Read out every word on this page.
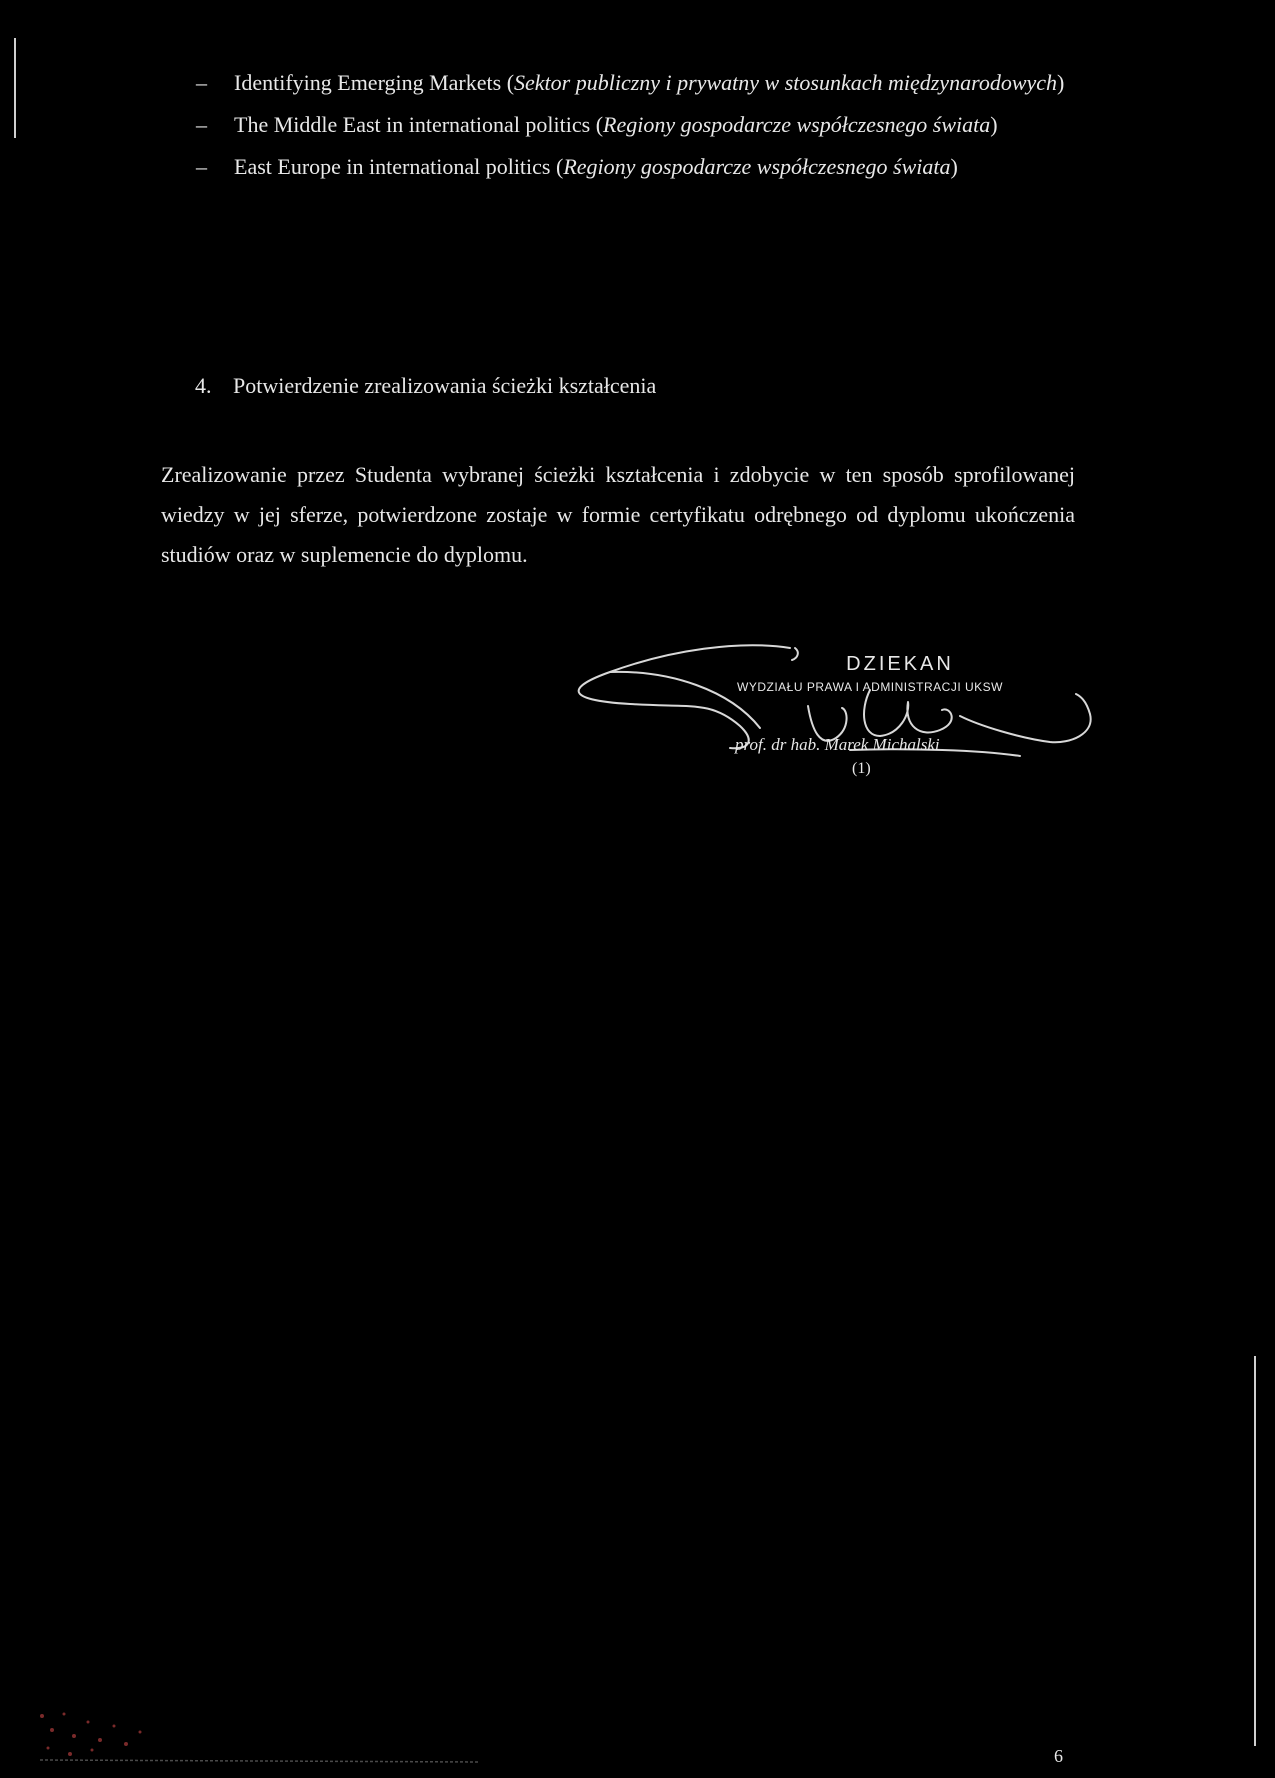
– Identifying Emerging Markets (Sektor publiczny i prywatny w stosunkach międzynarodowych)
– The Middle East in international politics (Regiony gospodarcze współczesnego świata)
– East Europe in international politics (Regiony gospodarcze współczesnego świata)
4. Potwierdzenie zrealizowania ścieżki kształcenia

Zrealizowanie przez Studenta wybranej ścieżki kształcenia i zdobycie w ten sposób sprofilowanej wiedzy w jej sferze, potwierdzone zostaje w formie certyfikatu odrębnego od dyplomu ukończenia studiów oraz w suplemencie do dyplomu.

DZIEKAN
WYDZIAŁU PRAWA I ADMINISTRACJI UKSW
prof. dr hab. Marek Michalski
(1)
6
